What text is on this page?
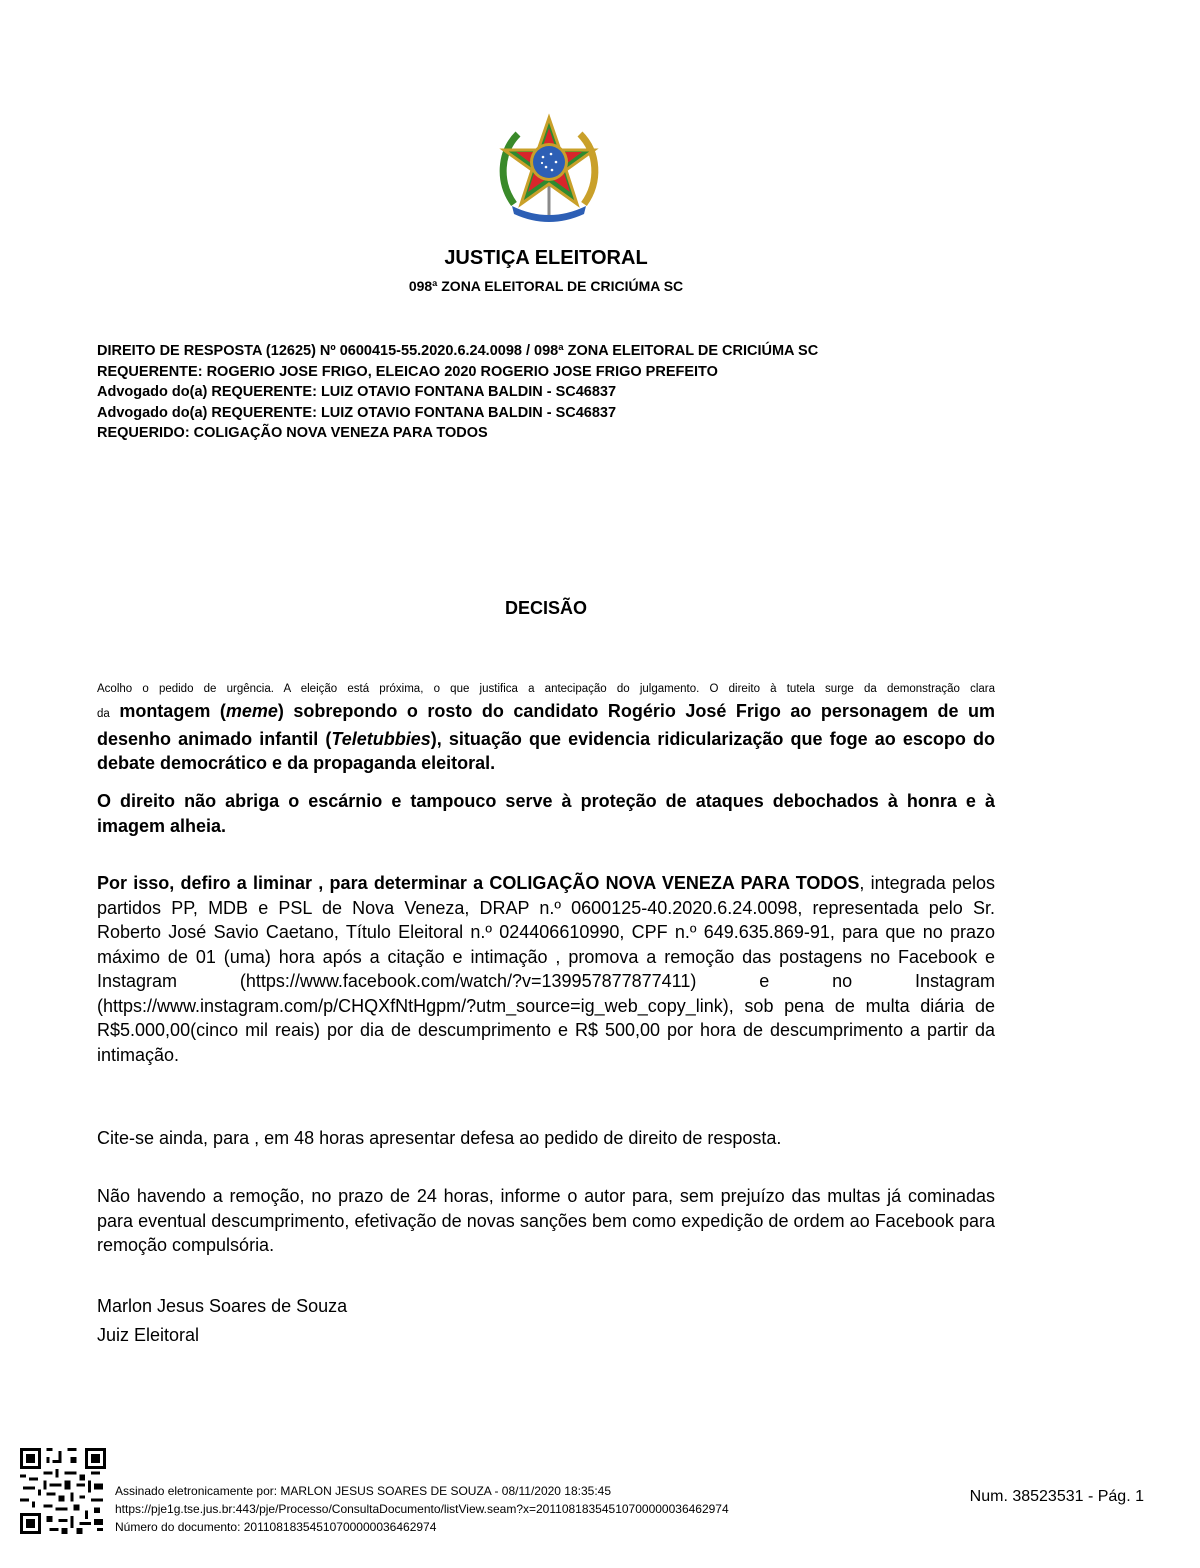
JUSTIÇA ELEITORAL
098ª ZONA ELEITORAL DE CRICIÚMA SC
DIREITO DE RESPOSTA (12625) Nº 0600415-55.2020.6.24.0098 / 098ª ZONA ELEITORAL DE CRICIÚMA SC
REQUERENTE: ROGERIO JOSE FRIGO, ELEICAO 2020 ROGERIO JOSE FRIGO PREFEITO
Advogado do(a) REQUERENTE: LUIZ OTAVIO FONTANA BALDIN - SC46837
Advogado do(a) REQUERENTE: LUIZ OTAVIO FONTANA BALDIN - SC46837
REQUERIDO: COLIGAÇÃO NOVA VENEZA PARA TODOS
DECISÃO
Acolho o pedido de urgência. A eleição está próxima, o que justifica a antecipação do julgamento. O direito à tutela surge da demonstração clara
da montagem (meme) sobrepondo o rosto do candidato Rogério José Frigo ao personagem de um desenho animado infantil (Teletubbies), situação que evidencia ridicularização que foge ao escopo do debate democrático e da propaganda eleitoral.
O direito não abriga o escárnio e tampouco serve à proteção de ataques debochados à honra e à imagem alheia.
Por isso, defiro a liminar , para determinar a COLIGAÇÃO NOVA VENEZA PARA TODOS, integrada pelos partidos PP, MDB e PSL de Nova Veneza, DRAP n.º 0600125-40.2020.6.24.0098, representada pelo Sr. Roberto José Savio Caetano, Título Eleitoral n.º 024406610990, CPF n.º 649.635.869-91, para que no prazo máximo de 01 (uma) hora após a citação e intimação , promova a remoção das postagens no Facebook e Instagram (https://www.facebook.com/watch/?v=1399578778774​11) e no Instagram (https://www.instagram.com/p/CHQXfNtHgpm/?utm_source=ig_web_copy_link), sob pena de multa diária de R$5.000,00(cinco mil reais) por dia de descumprimento e R$ 500,00 por hora de descumprimento a partir da intimação.
Cite-se ainda, para , em 48 horas apresentar defesa ao pedido de direito de resposta.
Não havendo a remoção, no prazo de 24 horas, informe o autor para, sem prejuízo das multas já cominadas para eventual descumprimento, efetivação de novas sanções bem como expedição de ordem ao Facebook para remoção compulsória.
Marlon Jesus Soares de Souza
Juiz Eleitoral
Assinado eletronicamente por: MARLON JESUS SOARES DE SOUZA - 08/11/2020 18:35:45
https://pje1g.tse.jus.br:443/pje/Processo/ConsultaDocumento/listView.seam?x=20110818354510700000036462974
Número do documento: 20110818354510700000036462974
Num. 38523531 - Pág. 1
